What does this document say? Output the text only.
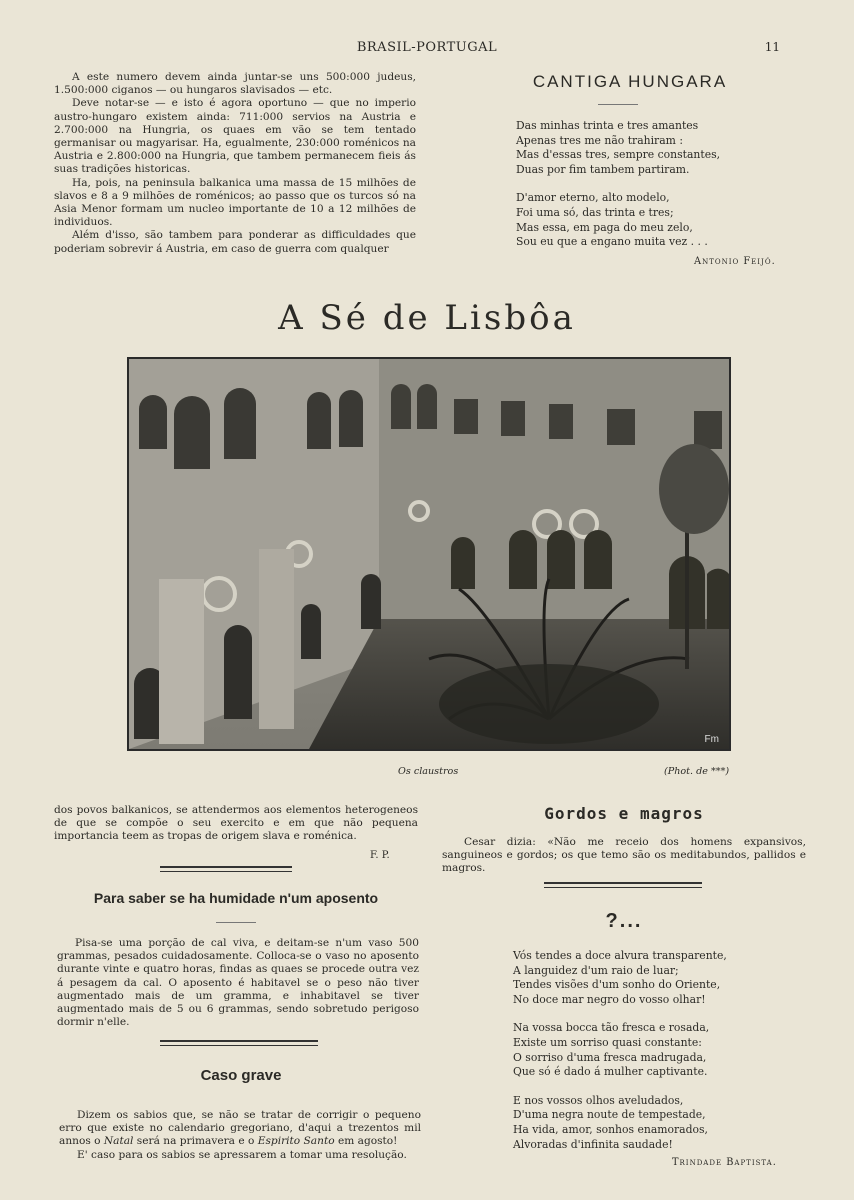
BRASIL-PORTUGAL	11

A este numero devem ainda juntar-se uns 500:000 judeus, 1.500:000 ciganos — ou hungaros slavisados — etc.

Deve notar-se — e isto é agora oportuno — que no imperio austro-hungaro existem ainda: 711:000 servios na Austria e 2.700:000 na Hungria, os quaes em vão se tem tentado germanisar ou magyarisar. Ha, egualmente, 230:000 roménicos na Austria e 2.800:000 na Hungria, que tambem permanecem fieis ás suas tradições historicas.

Ha, pois, na peninsula balkanica uma massa de 15 milhões de slavos e 8 a 9 milhões de roménicos; ao passo que os turcos só na Asia Menor formam um nucleo importante de 10 a 12 milhões de individuos.

Além d'isso, são tambem para ponderar as difficuldades que poderiam sobrevir á Austria, em caso de guerra com qualquer

CANTIGA HUNGARA
Das minhas trinta e tres amantes
Apenas tres me não trahiram :
Mas d'essas tres, sempre constantes,
Duas por fim tambem partiram.
D'amor eterno, alto modelo,
Foi uma só, das trinta e tres;
Mas essa, em paga do meu zelo,
Sou eu que a engano muita vez . . .
Antonio Feijó.
A Sé de Lisbôa
Fm
Os claustros	(Phot. de ***)

dos povos balkanicos, se attendermos aos elementos heterogeneos de que se compõe o seu exercito e em que não pequena importancia teem as tropas de origem slava e roménica.

F. P.
Para saber se ha humidade n'um aposento

Pisa-se uma porção de cal viva, e deitam-se n'um vaso 500 grammas, pesados cuidadosamente. Colloca-se o vaso no aposento durante vinte e quatro horas, findas as quaes se procede outra vez á pesagem da cal. O aposento é habitavel se o peso não tiver augmentado mais de um gramma, e inhabitavel se tiver augmentado mais de 5 ou 6 grammas, sendo sobretudo perigoso dormir n'elle.

Caso grave

Dizem os sabios que, se não se tratar de corrigir o pequeno erro que existe no calendario gregoriano, d'aqui a trezentos mil annos o Natal será na primavera e o Espirito Santo em agosto!

E' caso para os sabios se apressarem a tomar uma resolução.

Gordos e magros

Cesar dizia: «Não me receio dos homens expansivos, sanguineos e gordos; os que temo são os meditabundos, pallidos e magros.

?...
Vós tendes a doce alvura transparente,
A languidez d'um raio de luar;
Tendes visões d'um sonho do Oriente,
No doce mar negro do vosso olhar!
Na vossa bocca tão fresca e rosada,
Existe um sorriso quasi constante:
O sorriso d'uma fresca madrugada,
Que só é dado á mulher captivante.
E nos vossos olhos aveludados,
D'uma negra noute de tempestade,
Ha vida, amor, sonhos enamorados,
Alvoradas d'infinita saudade!
Trindade Baptista.
